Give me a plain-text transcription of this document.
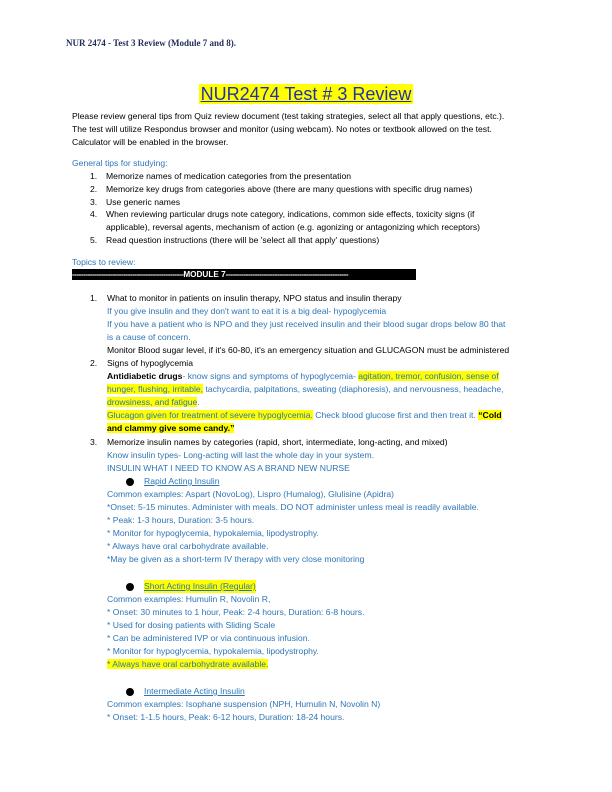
NUR 2474 - Test 3 Review (Module 7 and 8).
NUR2474 Test # 3 Review
Please review general tips from Quiz review document (test taking strategies, select all that apply questions, etc.).
The test will utilize Respondus browser and monitor (using webcam). No notes or textbook allowed on the test.
Calculator will be enabled in the browser.
General tips for studying:
1. Memorize names of medication categories from the presentation
2. Memorize key drugs from categories above (there are many questions with specific drug names)
3. Use generic names
4. When reviewing particular drugs note category, indications, common side effects, toxicity signs (if
applicable), reversal agents, mechanism of action (e.g. agonizing or antagonizing which receptors)
5. Read question instructions (there will be 'select all that apply' questions)
Topics to review:
--------------------------------------------------MODULE 7-------------------------------------------------------
1. What to monitor in patients on insulin therapy, NPO status and insulin therapy
If you give insulin and they don't want to eat it is a big deal- hypoglycemia
If you have a patient who is NPO and they just received insulin and their blood sugar drops below 80 that
is a cause of concern.
Monitor Blood sugar level, if it's 60-80, it's an emergency situation and GLUCAGON must be administered
2. Signs of hypoglycemia
Antidiabetic drugs- know signs and symptoms of hypoglycemia- agitation, tremor, confusion, sense of
hunger, flushing, irritable, tachycardia, palpitations, sweating (diaphoresis), and nervousness, headache,
drowsiness, and fatigue.
Glucagon given for treatment of severe hypoglycemia. Check blood glucose first and then treat it. “Cold
and clammy give some candy.”
3. Memorize insulin names by categories (rapid, short, intermediate, long-acting, and mixed)
Know insulin types- Long-acting will last the whole day in your system.
INSULIN WHAT I NEED TO KNOW AS A BRAND NEW NURSE
Rapid Acting Insulin
Common examples: Aspart (NovoLog), Lispro (Humalog), Glulisine (Apidra)
*Onset: 5-15 minutes. Administer with meals. DO NOT administer unless meal is readily available.
* Peak: 1-3 hours, Duration: 3-5 hours.
* Monitor for hypoglycemia, hypokalemia, lipodystrophy.
* Always have oral carbohydrate available.
*May be given as a short-term IV therapy with very close monitoring
Short Acting Insulin (Regular)
Common examples: Humulin R, Novolin R,
* Onset: 30 minutes to 1 hour, Peak: 2-4 hours, Duration: 6-8 hours.
* Used for dosing patients with Sliding Scale
* Can be administered IVP or via continuous infusion.
* Monitor for hypoglycemia, hypokalemia, lipodystrophy.
* Always have oral carbohydrate available.
Intermediate Acting Insulin
Common examples: Isophane suspension (NPH, Humulin N, Novolin N)
* Onset: 1-1.5 hours, Peak: 6-12 hours, Duration: 18-24 hours.
